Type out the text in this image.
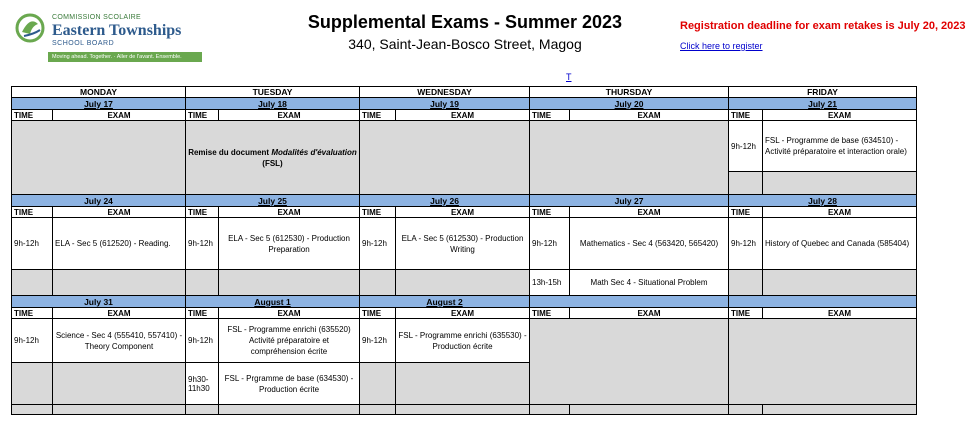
COMMISSION SCOLAIRE
Eastern Townships
SCHOOL BOARD
Moving ahead. Together. · Aller de l'avant. Ensemble.
Supplemental Exams - Summer 2023
340, Saint-Jean-Bosco Street, Magog
Registration deadline for exam retakes is July 20, 2023
Click here to register
T
MONDAY		TUESDAY		WEDNESDAY		THURSDAY		FRIDAY	
July 17		July 18		July 19		July 20		July 21	
TIME	EXAM	TIME	EXAM	TIME	EXAM	TIME	EXAM	TIME	EXAM
		Remise du document Modalités d'évaluation (FSL)						9h-12h	FSL - Programme de base (634510) - Activité préparatoire et interaction orale)

July 24		July 25		July 26		July 27		July 28	
TIME	EXAM	TIME	EXAM	TIME	EXAM	TIME	EXAM	TIME	EXAM
9h-12h	ELA - Sec 5 (612520) - Reading.	9h-12h	ELA - Sec 5 (612530) - Production Preparation	9h-12h	ELA - Sec 5 (612530) - Production Writing	9h-12h	Mathematics - Sec 4 (563420, 565420)	9h-12h	History of Quebec and Canada (585404)
						13h-15h	Math Sec 4 - Situational Problem		
July 31		August 1		August 2					
TIME	EXAM	TIME	EXAM	TIME	EXAM	TIME	EXAM	TIME	EXAM
9h-12h	Science - Sec 4 (555410, 557410) - Theory Component	9h-12h	FSL - Programme enrichi (635520) Activité préparatoire et compréhension écrite	9h-12h	FSL - Programme enrichi (635530) - Production écrite				
		9h30-11h30	FSL - Prgramme de base (634530) - Production écrite						
